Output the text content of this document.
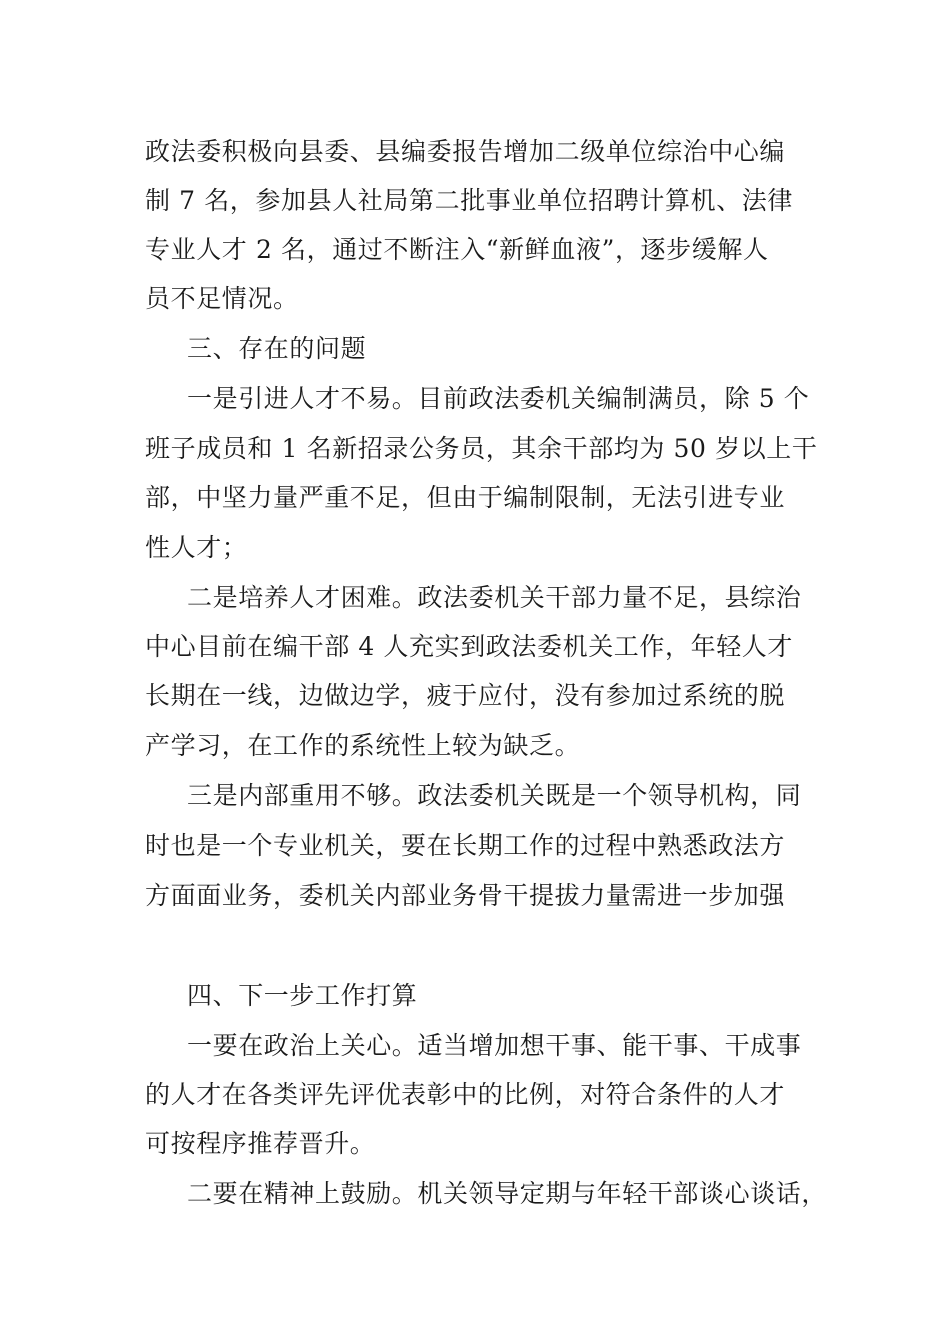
政法委积极向县委、县编委报告增加二级单位综治中心编

制 7 名，参加县人社局第二批事业单位招聘计算机、法律

专业人才 2 名，通过不断注入“新鲜血液”，逐步缓解人

员不足情况。

三、存在的问题

一是引进人才不易。目前政法委机关编制满员，除 5 个

班子成员和 1 名新招录公务员，其余干部均为 50 岁以上干

部，中坚力量严重不足，但由于编制限制，无法引进专业

性人才；

二是培养人才困难。政法委机关干部力量不足，县综治

中心目前在编干部 4 人充实到政法委机关工作，年轻人才

长期在一线，边做边学，疲于应付，没有参加过系统的脱

产学习，在工作的系统性上较为缺乏。

三是内部重用不够。政法委机关既是一个领导机构，同

时也是一个专业机关，要在长期工作的过程中熟悉政法方

方面面业务，委机关内部业务骨干提拔力量需进一步加强

四、下一步工作打算

一要在政治上关心。适当增加想干事、能干事、干成事

的人才在各类评先评优表彰中的比例，对符合条件的人才

可按程序推荐晋升。

二要在精神上鼓励。机关领导定期与年轻干部谈心谈话，
